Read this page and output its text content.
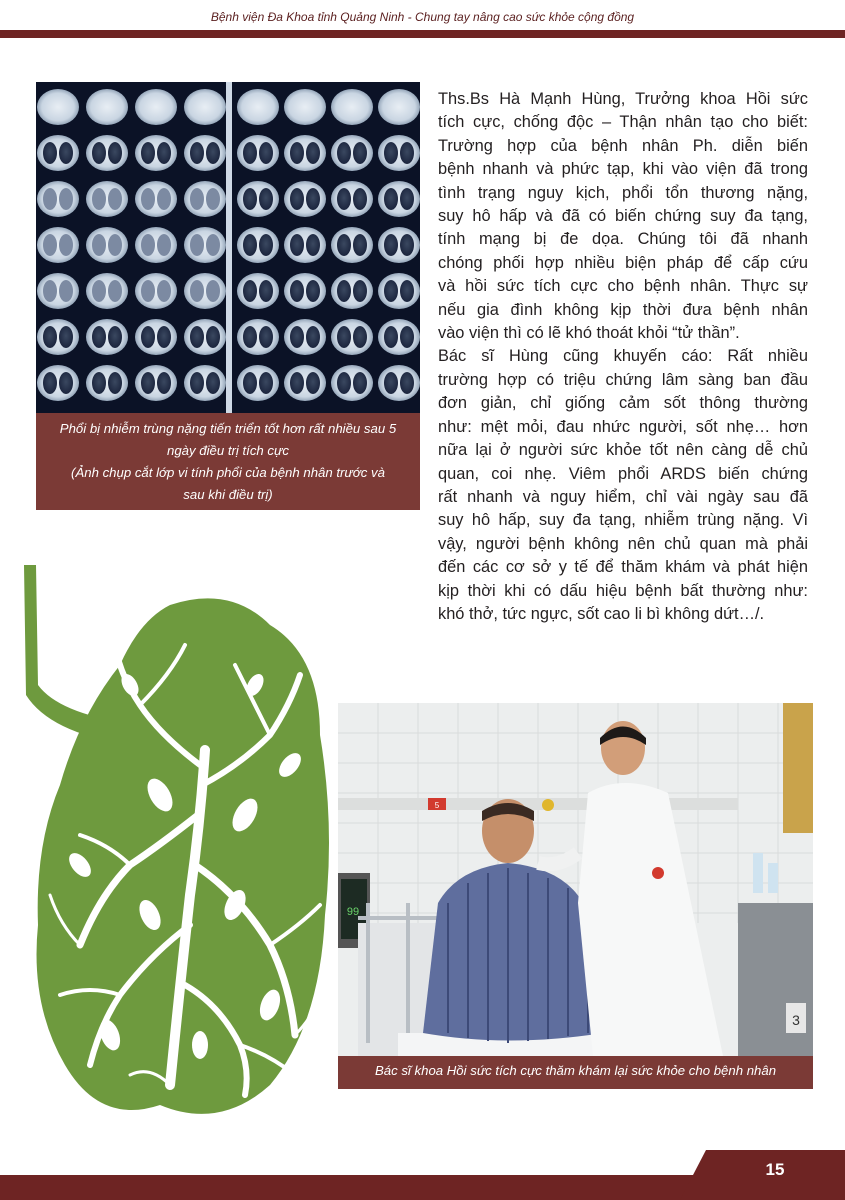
Bệnh viện Đa Khoa tỉnh Quảng Ninh - Chung tay nâng cao sức khỏe cộng đồng
Phổi bị nhiễm trùng nặng tiến triển tốt hơn rất nhiều sau 5
ngày điều trị tích cực
(Ảnh chụp cắt lớp vi tính phổi của bệnh nhân trước và
sau khi điều trị)

Ths.Bs Hà Mạnh Hùng, Trưởng khoa Hồi sức
tích cực, chống độc – Thận nhân tạo cho biết:
Trường hợp của bệnh nhân Ph. diễn biến
bệnh nhanh và phức tạp, khi vào viện đã trong
tình trạng nguy kịch, phổi tổn thương nặng,
suy hô hấp và đã có biến chứng suy đa tạng,
tính mạng bị đe dọa. Chúng tôi đã nhanh
chóng phối hợp nhiều biện pháp để cấp cứu
và hồi sức tích cực cho bệnh nhân. Thực sự
nếu gia đình không kịp thời đưa bệnh nhân
vào viện thì có lẽ khó thoát khỏi “tử thần”.

Bác sĩ Hùng cũng khuyến cáo: Rất nhiều
trường hợp có triệu chứng lâm sàng ban đầu
đơn giản, chỉ giống cảm sốt thông thường
như: mệt mỏi, đau nhức người, sốt nhẹ… hơn
nữa lại ở người sức khỏe tốt nên càng dễ chủ
quan, coi nhẹ. Viêm phổi ARDS biến chứng
rất nhanh và nguy hiểm, chỉ vài ngày sau đã
suy hô hấp, suy đa tạng, nhiễm trùng nặng. Vì
vậy, người bệnh không nên chủ quan mà phải
đến các cơ sở y tế để thăm khám và phát hiện
kịp thời khi có dấu hiệu bệnh bất thường như:
khó thở, tức ngực, sốt cao li bì không dứt…/.

5
99
3
Bác sĩ khoa Hồi sức tích cực thăm khám lại sức khỏe cho bệnh nhân
15
